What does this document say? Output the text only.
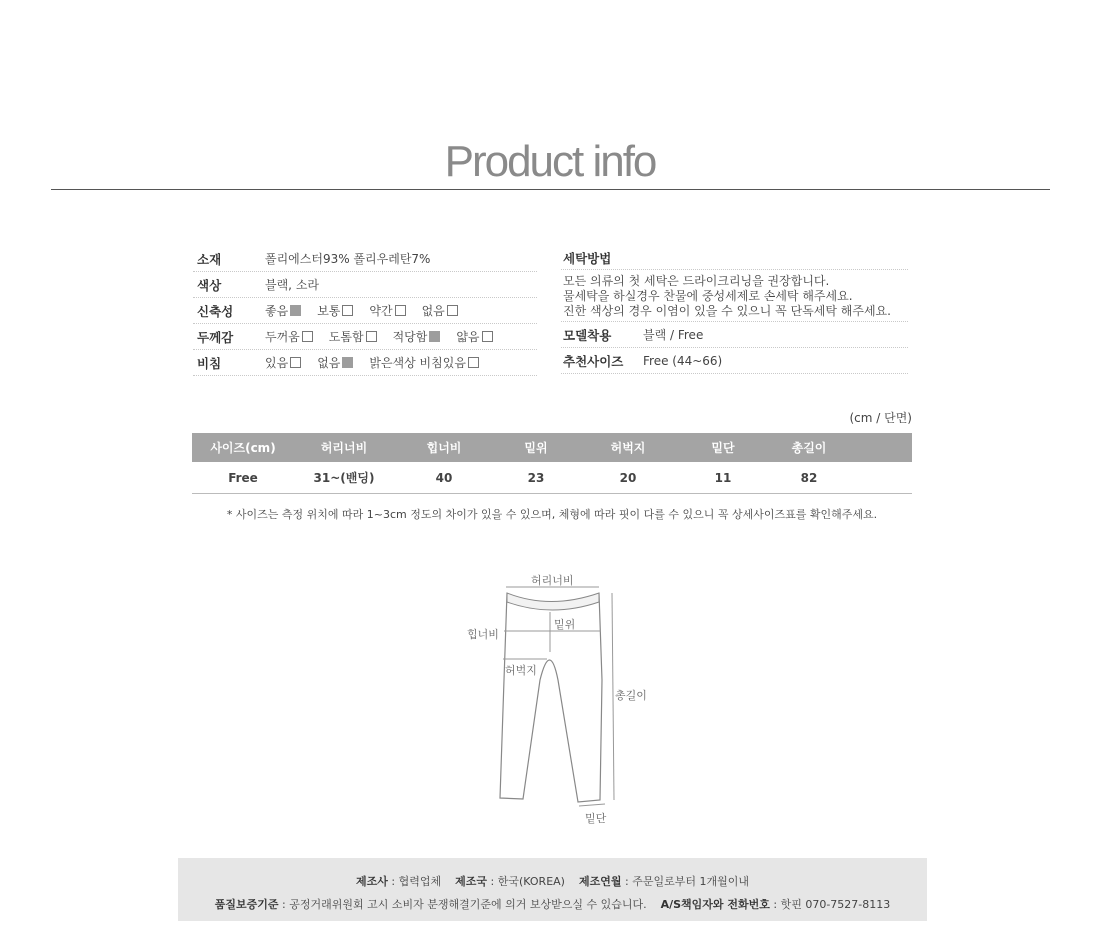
Product info
소재	폴리에스터93% 폴리우레탄7%
색상	블랙, 소라
신축성	좋음 보통 약간 없음
두께감	두꺼움 도톰함 적당함 얇음
비침	있음 없음 밝은색상 비침있음
세탁방법
모든 의류의 첫 세탁은 드라이크리닝을 권장합니다.
물세탁을 하실경우 찬물에 중성세제로 손세탁 해주세요.
진한 색상의 경우 이염이 있을 수 있으니 꼭 단독세탁 해주세요.
모델착용	블랙 / Free
추천사이즈	Free (44~66)
(cm / 단면)
사이즈(cm)	허리너비	힙너비	밑위	허벅지	밑단	총길이	
Free	31~(밴딩)	40	23	20	11	82	
* 사이즈는 측정 위치에 따라 1~3cm 정도의 차이가 있을 수 있으며, 체형에 따라 핏이 다를 수 있으니 꼭 상세사이즈표를 확인해주세요.
허리너비
힙너비
밑위
허벅지
총길이
밑단
제조사 : 협력업체 제조국 : 한국(KOREA) 제조연월 : 주문일로부터 1개월이내
품질보증기준 : 공정거래위원회 고시 소비자 분쟁해결기준에 의거 보상받으실 수 있습니다. A/S책임자와 전화번호 : 핫핀 070-7527-8113
